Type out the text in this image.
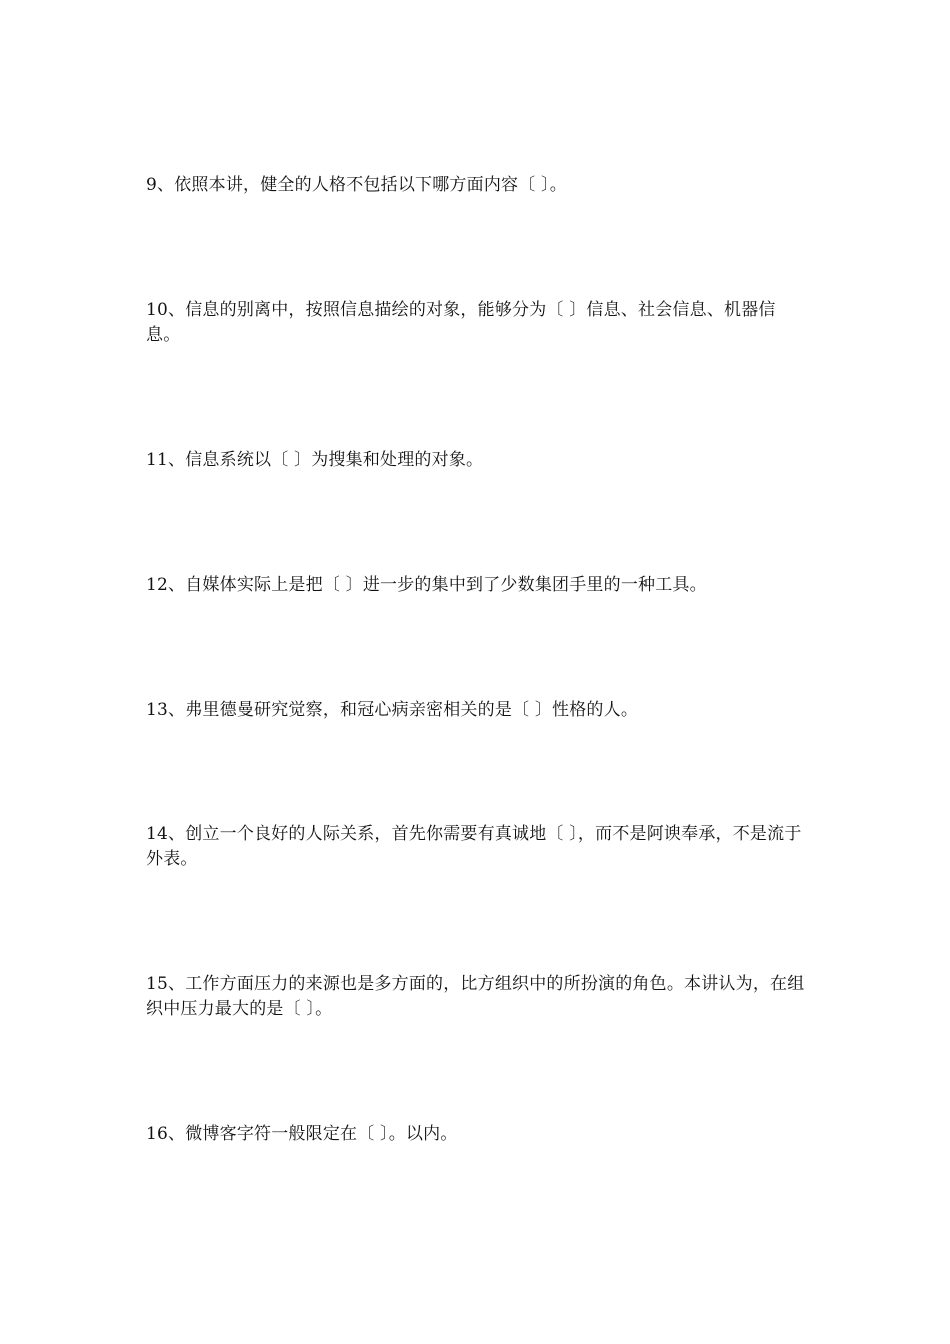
9、依照本讲，健全的人格不包括以下哪方面内容〔 〕。

10、信息的别离中，按照信息描绘的对象，能够分为〔 〕信息、社会信息、机器信息。

11、信息系统以〔 〕为搜集和处理的对象。

12、自媒体实际上是把〔 〕进一步的集中到了少数集团手里的一种工具。

13、弗里德曼研究觉察，和冠心病亲密相关的是〔 〕性格的人。

14、创立一个良好的人际关系，首先你需要有真诚地〔 〕，而不是阿谀奉承，不是流于外表。

15、工作方面压力的来源也是多方面的，比方组织中的所扮演的角色。本讲认为，在组织中压力最大的是〔 〕。

16、微博客字符一般限定在〔 〕。以内。
